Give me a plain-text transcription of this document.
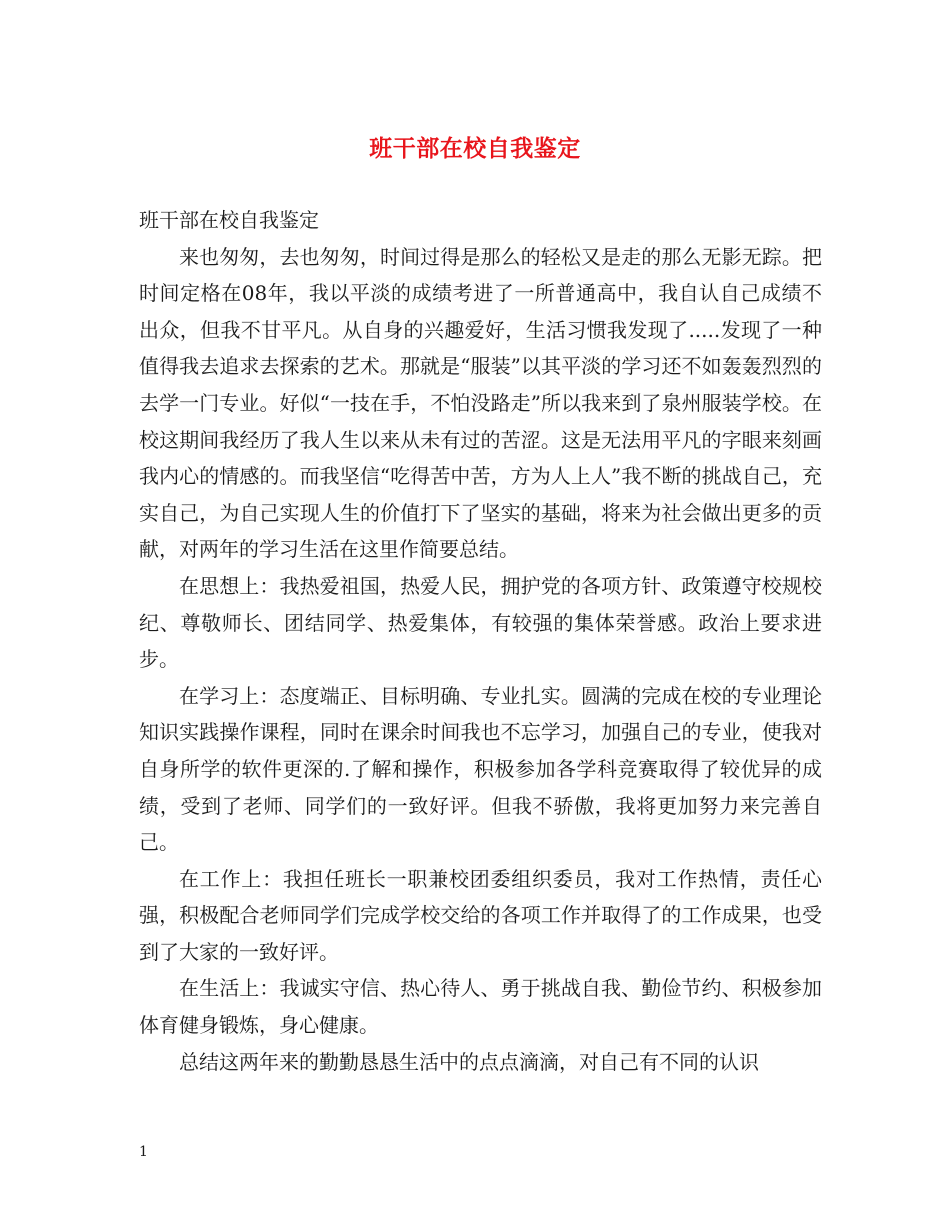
班干部在校自我鉴定

班干部在校自我鉴定

来也匆匆，去也匆匆，时间过得是那么的轻松又是走的那么无影无踪。把时间定格在08年，我以平淡的成绩考进了一所普通高中，我自认自己成绩不出众，但我不甘平凡。从自身的兴趣爱好，生活习惯我发现了.....发现了一种值得我去追求去探索的艺术。那就是“服装”以其平淡的学习还不如轰轰烈烈的去学一门专业。好似“一技在手，不怕没路走”所以我来到了泉州服装学校。在校这期间我经历了我人生以来从未有过的苦涩。这是无法用平凡的字眼来刻画我内心的情感的。而我坚信“吃得苦中苦，方为人上人”我不断的挑战自己，充实自己，为自己实现人生的价值打下了坚实的基础，将来为社会做出更多的贡献，对两年的学习生活在这里作简要总结。

在思想上：我热爱祖国，热爱人民，拥护党的各项方针、政策遵守校规校纪、尊敬师长、团结同学、热爱集体，有较强的集体荣誉感。政治上要求进步。

在学习上：态度端正、目标明确、专业扎实。圆满的完成在校的专业理论知识实践操作课程，同时在课余时间我也不忘学习，加强自己的专业，使我对自身所学的软件更深的.了解和操作，积极参加各学科竞赛取得了较优异的成绩，受到了老师、同学们的一致好评。但我不骄傲，我将更加努力来完善自己。

在工作上：我担任班长一职兼校团委组织委员，我对工作热情，责任心强，积极配合老师同学们完成学校交给的各项工作并取得了的工作成果，也受到了大家的一致好评。

在生活上：我诚实守信、热心待人、勇于挑战自我、勤俭节约、积极参加体育健身锻炼，身心健康。

总结这两年来的勤勤恳恳生活中的点点滴滴，对自己有不同的认识

1
